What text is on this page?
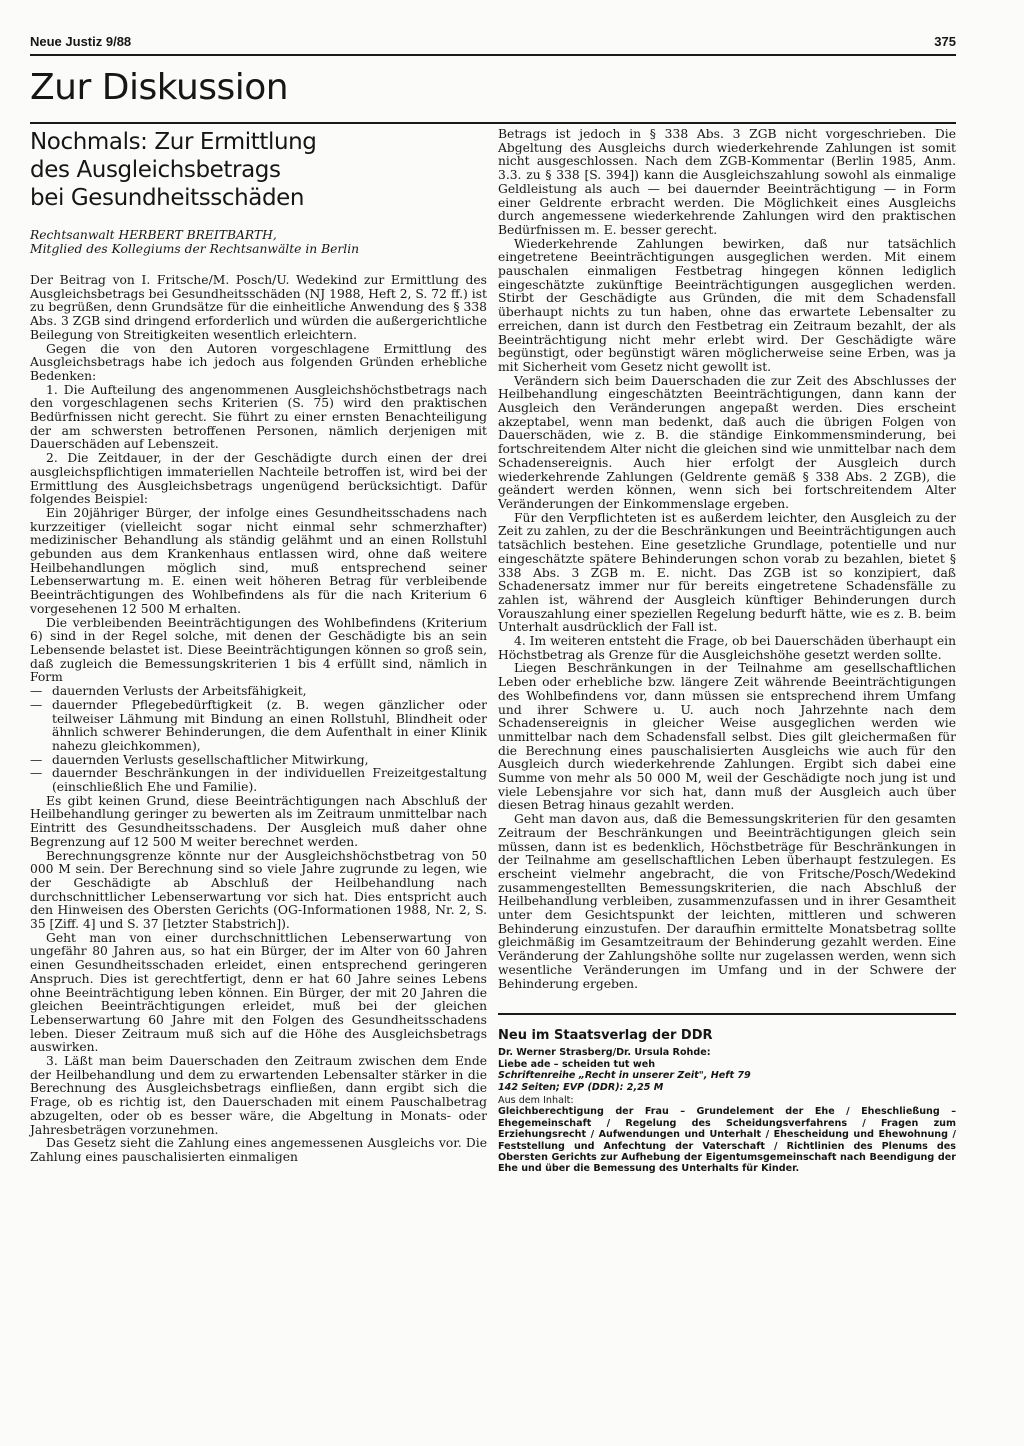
Neue Justiz 9/88	375
Zur Diskussion
Nochmals: Zur Ermittlung
des Ausgleichsbetrags
bei Gesundheitsschäden
Rechtsanwalt HERBERT BREITBARTH,
Mitglied des Kollegiums der Rechtsanwälte in Berlin

Der Beitrag von I. Fritsche/M. Posch/U. Wedekind zur Ermittlung des Ausgleichsbetrags bei Gesundheitsschäden (NJ 1988, Heft 2, S. 72 ff.) ist zu begrüßen, denn Grundsätze für die einheitliche Anwendung des § 338 Abs. 3 ZGB sind dringend erforderlich und würden die außergerichtliche Beilegung von Streitigkeiten wesentlich erleichtern.

Gegen die von den Autoren vorgeschlagene Ermittlung des Ausgleichsbetrags habe ich jedoch aus folgenden Gründen erhebliche Bedenken:

1. Die Aufteilung des angenommenen Ausgleichshöchstbetrags nach den vorgeschlagenen sechs Kriterien (S. 75) wird den praktischen Bedürfnissen nicht gerecht. Sie führt zu einer ernsten Benachteiligung der am schwersten betroffenen Personen, nämlich derjenigen mit Dauerschäden auf Lebenszeit.

2. Die Zeitdauer, in der der Geschädigte durch einen der drei ausgleichspflichtigen immateriellen Nachteile betroffen ist, wird bei der Ermittlung des Ausgleichsbetrags ungenügend berücksichtigt. Dafür folgendes Beispiel:

Ein 20jähriger Bürger, der infolge eines Gesundheitsschadens nach kurzzeitiger (vielleicht sogar nicht einmal sehr schmerzhafter) medizinischer Behandlung als ständig gelähmt und an einen Rollstuhl gebunden aus dem Krankenhaus entlassen wird, ohne daß weitere Heilbehandlungen möglich sind, muß entsprechend seiner Lebenserwartung m. E. einen weit höheren Betrag für verbleibende Beeinträchtigungen des Wohlbefindens als für die nach Kriterium 6 vorgesehenen 12 500 M erhalten.

Die verbleibenden Beeinträchtigungen des Wohlbefindens (Kriterium 6) sind in der Regel solche, mit denen der Geschädigte bis an sein Lebensende belastet ist. Diese Beeinträchtigungen können so groß sein, daß zugleich die Bemessungskriterien 1 bis 4 erfüllt sind, nämlich in Form

— dauernden Verlusts der Arbeitsfähigkeit,
— dauernder Pflegebedürftigkeit (z. B. wegen gänzlicher oder teilweiser Lähmung mit Bindung an einen Rollstuhl, Blindheit oder ähnlich schwerer Behinderungen, die dem Aufenthalt in einer Klinik nahezu gleichkommen),
— dauernden Verlusts gesellschaftlicher Mitwirkung,
— dauernder Beschränkungen in der individuellen Freizeitgestaltung (einschließlich Ehe und Familie).

Es gibt keinen Grund, diese Beeinträchtigungen nach Abschluß der Heilbehandlung geringer zu bewerten als im Zeitraum unmittelbar nach Eintritt des Gesundheitsschadens. Der Ausgleich muß daher ohne Begrenzung auf 12 500 M weiter berechnet werden.

Berechnungsgrenze könnte nur der Ausgleichshöchstbetrag von 50 000 M sein. Der Berechnung sind so viele Jahre zugrunde zu legen, wie der Geschädigte ab Abschluß der Heilbehandlung nach durchschnittlicher Lebenserwartung vor sich hat. Dies entspricht auch den Hinweisen des Obersten Gerichts (OG-Informationen 1988, Nr. 2, S. 35 [Ziff. 4] und S. 37 [letzter Stabstrich]).

Geht man von einer durchschnittlichen Lebenserwartung von ungefähr 80 Jahren aus, so hat ein Bürger, der im Alter von 60 Jahren einen Gesundheitsschaden erleidet, einen entsprechend geringeren Anspruch. Dies ist gerechtfertigt, denn er hat 60 Jahre seines Lebens ohne Beeinträchtigung leben können. Ein Bürger, der mit 20 Jahren die gleichen Beeinträchtigungen erleidet, muß bei der gleichen Lebenserwartung 60 Jahre mit den Folgen des Gesundheitsschadens leben. Dieser Zeitraum muß sich auf die Höhe des Ausgleichsbetrags auswirken.

3. Läßt man beim Dauerschaden den Zeitraum zwischen dem Ende der Heilbehandlung und dem zu erwartenden Lebensalter stärker in die Berechnung des Ausgleichsbetrags einfließen, dann ergibt sich die Frage, ob es richtig ist, den Dauerschaden mit einem Pauschalbetrag abzugelten, oder ob es besser wäre, die Abgeltung in Monats- oder Jahresbeträgen vorzunehmen.

Das Gesetz sieht die Zahlung eines angemessenen Ausgleichs vor. Die Zahlung eines pauschalisierten einmaligen

Betrags ist jedoch in § 338 Abs. 3 ZGB nicht vorgeschrieben. Die Abgeltung des Ausgleichs durch wiederkehrende Zahlungen ist somit nicht ausgeschlossen. Nach dem ZGB-Kommentar (Berlin 1985, Anm. 3.3. zu § 338 [S. 394]) kann die Ausgleichszahlung sowohl als einmalige Geldleistung als auch — bei dauernder Beeinträchtigung — in Form einer Geldrente erbracht werden. Die Möglichkeit eines Ausgleichs durch angemessene wiederkehrende Zahlungen wird den praktischen Bedürfnissen m. E. besser gerecht.

Wiederkehrende Zahlungen bewirken, daß nur tatsächlich eingetretene Beeinträchtigungen ausgeglichen werden. Mit einem pauschalen einmaligen Festbetrag hingegen können lediglich eingeschätzte zukünftige Beeinträchtigungen ausgeglichen werden. Stirbt der Geschädigte aus Gründen, die mit dem Schadensfall überhaupt nichts zu tun haben, ohne das erwartete Lebensalter zu erreichen, dann ist durch den Festbetrag ein Zeitraum bezahlt, der als Beeinträchtigung nicht mehr erlebt wird. Der Geschädigte wäre begünstigt, oder begünstigt wären möglicherweise seine Erben, was ja mit Sicherheit vom Gesetz nicht gewollt ist.

Verändern sich beim Dauerschaden die zur Zeit des Abschlusses der Heilbehandlung eingeschätzten Beeinträchtigungen, dann kann der Ausgleich den Veränderungen angepaßt werden. Dies erscheint akzeptabel, wenn man bedenkt, daß auch die übrigen Folgen von Dauerschäden, wie z. B. die ständige Einkommensminderung, bei fortschreitendem Alter nicht die gleichen sind wie unmittelbar nach dem Schadensereignis. Auch hier erfolgt der Ausgleich durch wiederkehrende Zahlungen (Geldrente gemäß § 338 Abs. 2 ZGB), die geändert werden können, wenn sich bei fortschreitendem Alter Veränderungen der Einkommenslage ergeben.

Für den Verpflichteten ist es außerdem leichter, den Ausgleich zu der Zeit zu zahlen, zu der die Beschränkungen und Beeinträchtigungen auch tatsächlich bestehen. Eine gesetzliche Grundlage, potentielle und nur eingeschätzte spätere Behinderungen schon vorab zu bezahlen, bietet § 338 Abs. 3 ZGB m. E. nicht. Das ZGB ist so konzipiert, daß Schadenersatz immer nur für bereits eingetretene Schadensfälle zu zahlen ist, während der Ausgleich künftiger Behinderungen durch Vorauszahlung einer speziellen Regelung bedurft hätte, wie es z. B. beim Unterhalt ausdrücklich der Fall ist.

4. Im weiteren entsteht die Frage, ob bei Dauerschäden überhaupt ein Höchstbetrag als Grenze für die Ausgleichshöhe gesetzt werden sollte.

Liegen Beschränkungen in der Teilnahme am gesellschaftlichen Leben oder erhebliche bzw. längere Zeit währende Beeinträchtigungen des Wohlbefindens vor, dann müssen sie entsprechend ihrem Umfang und ihrer Schwere u. U. auch noch Jahrzehnte nach dem Schadensereignis in gleicher Weise ausgeglichen werden wie unmittelbar nach dem Schadensfall selbst. Dies gilt gleichermaßen für die Berechnung eines pauschalisierten Ausgleichs wie auch für den Ausgleich durch wiederkehrende Zahlungen. Ergibt sich dabei eine Summe von mehr als 50 000 M, weil der Geschädigte noch jung ist und viele Lebensjahre vor sich hat, dann muß der Ausgleich auch über diesen Betrag hinaus gezahlt werden.

Geht man davon aus, daß die Bemessungskriterien für den gesamten Zeitraum der Beschränkungen und Beeinträchtigungen gleich sein müssen, dann ist es bedenklich, Höchstbeträge für Beschränkungen in der Teilnahme am gesellschaftlichen Leben überhaupt festzulegen. Es erscheint vielmehr angebracht, die von Fritsche/Posch/Wedekind zusammengestellten Bemessungskriterien, die nach Abschluß der Heilbehandlung verbleiben, zusammenzufassen und in ihrer Gesamtheit unter dem Gesichtspunkt der leichten, mittleren und schweren Behinderung einzustufen. Der daraufhin ermittelte Monatsbetrag sollte gleichmäßig im Gesamtzeitraum der Behinderung gezahlt werden. Eine Veränderung der Zahlungshöhe sollte nur zugelassen werden, wenn sich wesentliche Veränderungen im Umfang und in der Schwere der Behinderung ergeben.

Neu im Staatsverlag der DDR
Dr. Werner Strasberg/Dr. Ursula Rohde:
Liebe ade – scheiden tut weh
Schriftenreihe „Recht in unserer Zeit", Heft 79
142 Seiten; EVP (DDR): 2,25 M
Aus dem Inhalt:
Gleichberechtigung der Frau – Grundelement der Ehe / Eheschließung – Ehegemeinschaft / Regelung des Scheidungsverfahrens / Fragen zum Erziehungsrecht / Aufwendungen und Unterhalt / Ehescheidung und Ehewohnung / Feststellung und Anfechtung der Vaterschaft / Richtlinien des Plenums des Obersten Gerichts zur Aufhebung der Eigentumsgemeinschaft nach Beendigung der Ehe und über die Bemessung des Unterhalts für Kinder.
